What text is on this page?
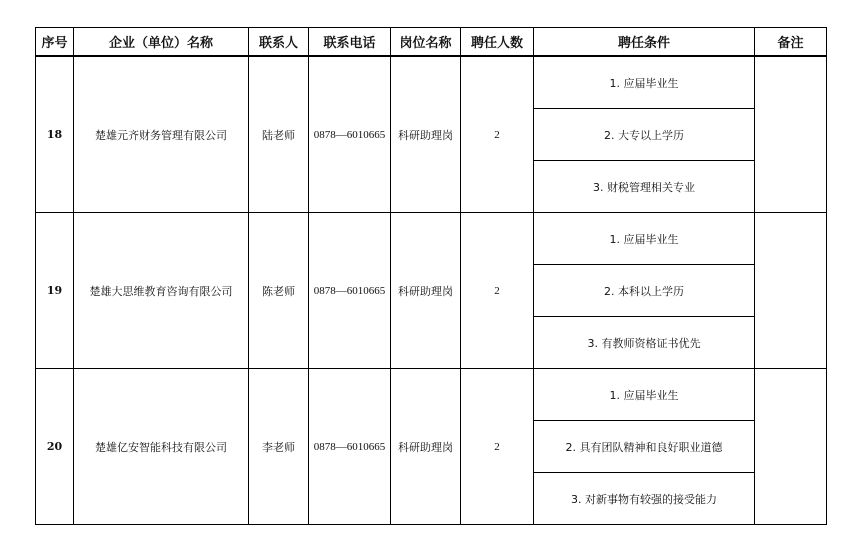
序号	企业（单位）名称	联系人	联系电话	岗位名称	聘任人数	聘任条件	备注
18	楚雄元齐财务管理有限公司	陆老师	0878—6010665	科研助理岗	2	1. 应届毕业生	
						2. 大专以上学历	
						3. 财税管理相关专业	
19	楚雄大思维教育咨询有限公司	陈老师	0878—6010665	科研助理岗	2	1. 应届毕业生	
						2. 本科以上学历	
						3. 有教师资格证书优先	
20	楚雄亿安智能科技有限公司	李老师	0878—6010665	科研助理岗	2	1. 应届毕业生	
						2. 具有团队精神和良好职业道德	
						3. 对新事物有较强的接受能力	
